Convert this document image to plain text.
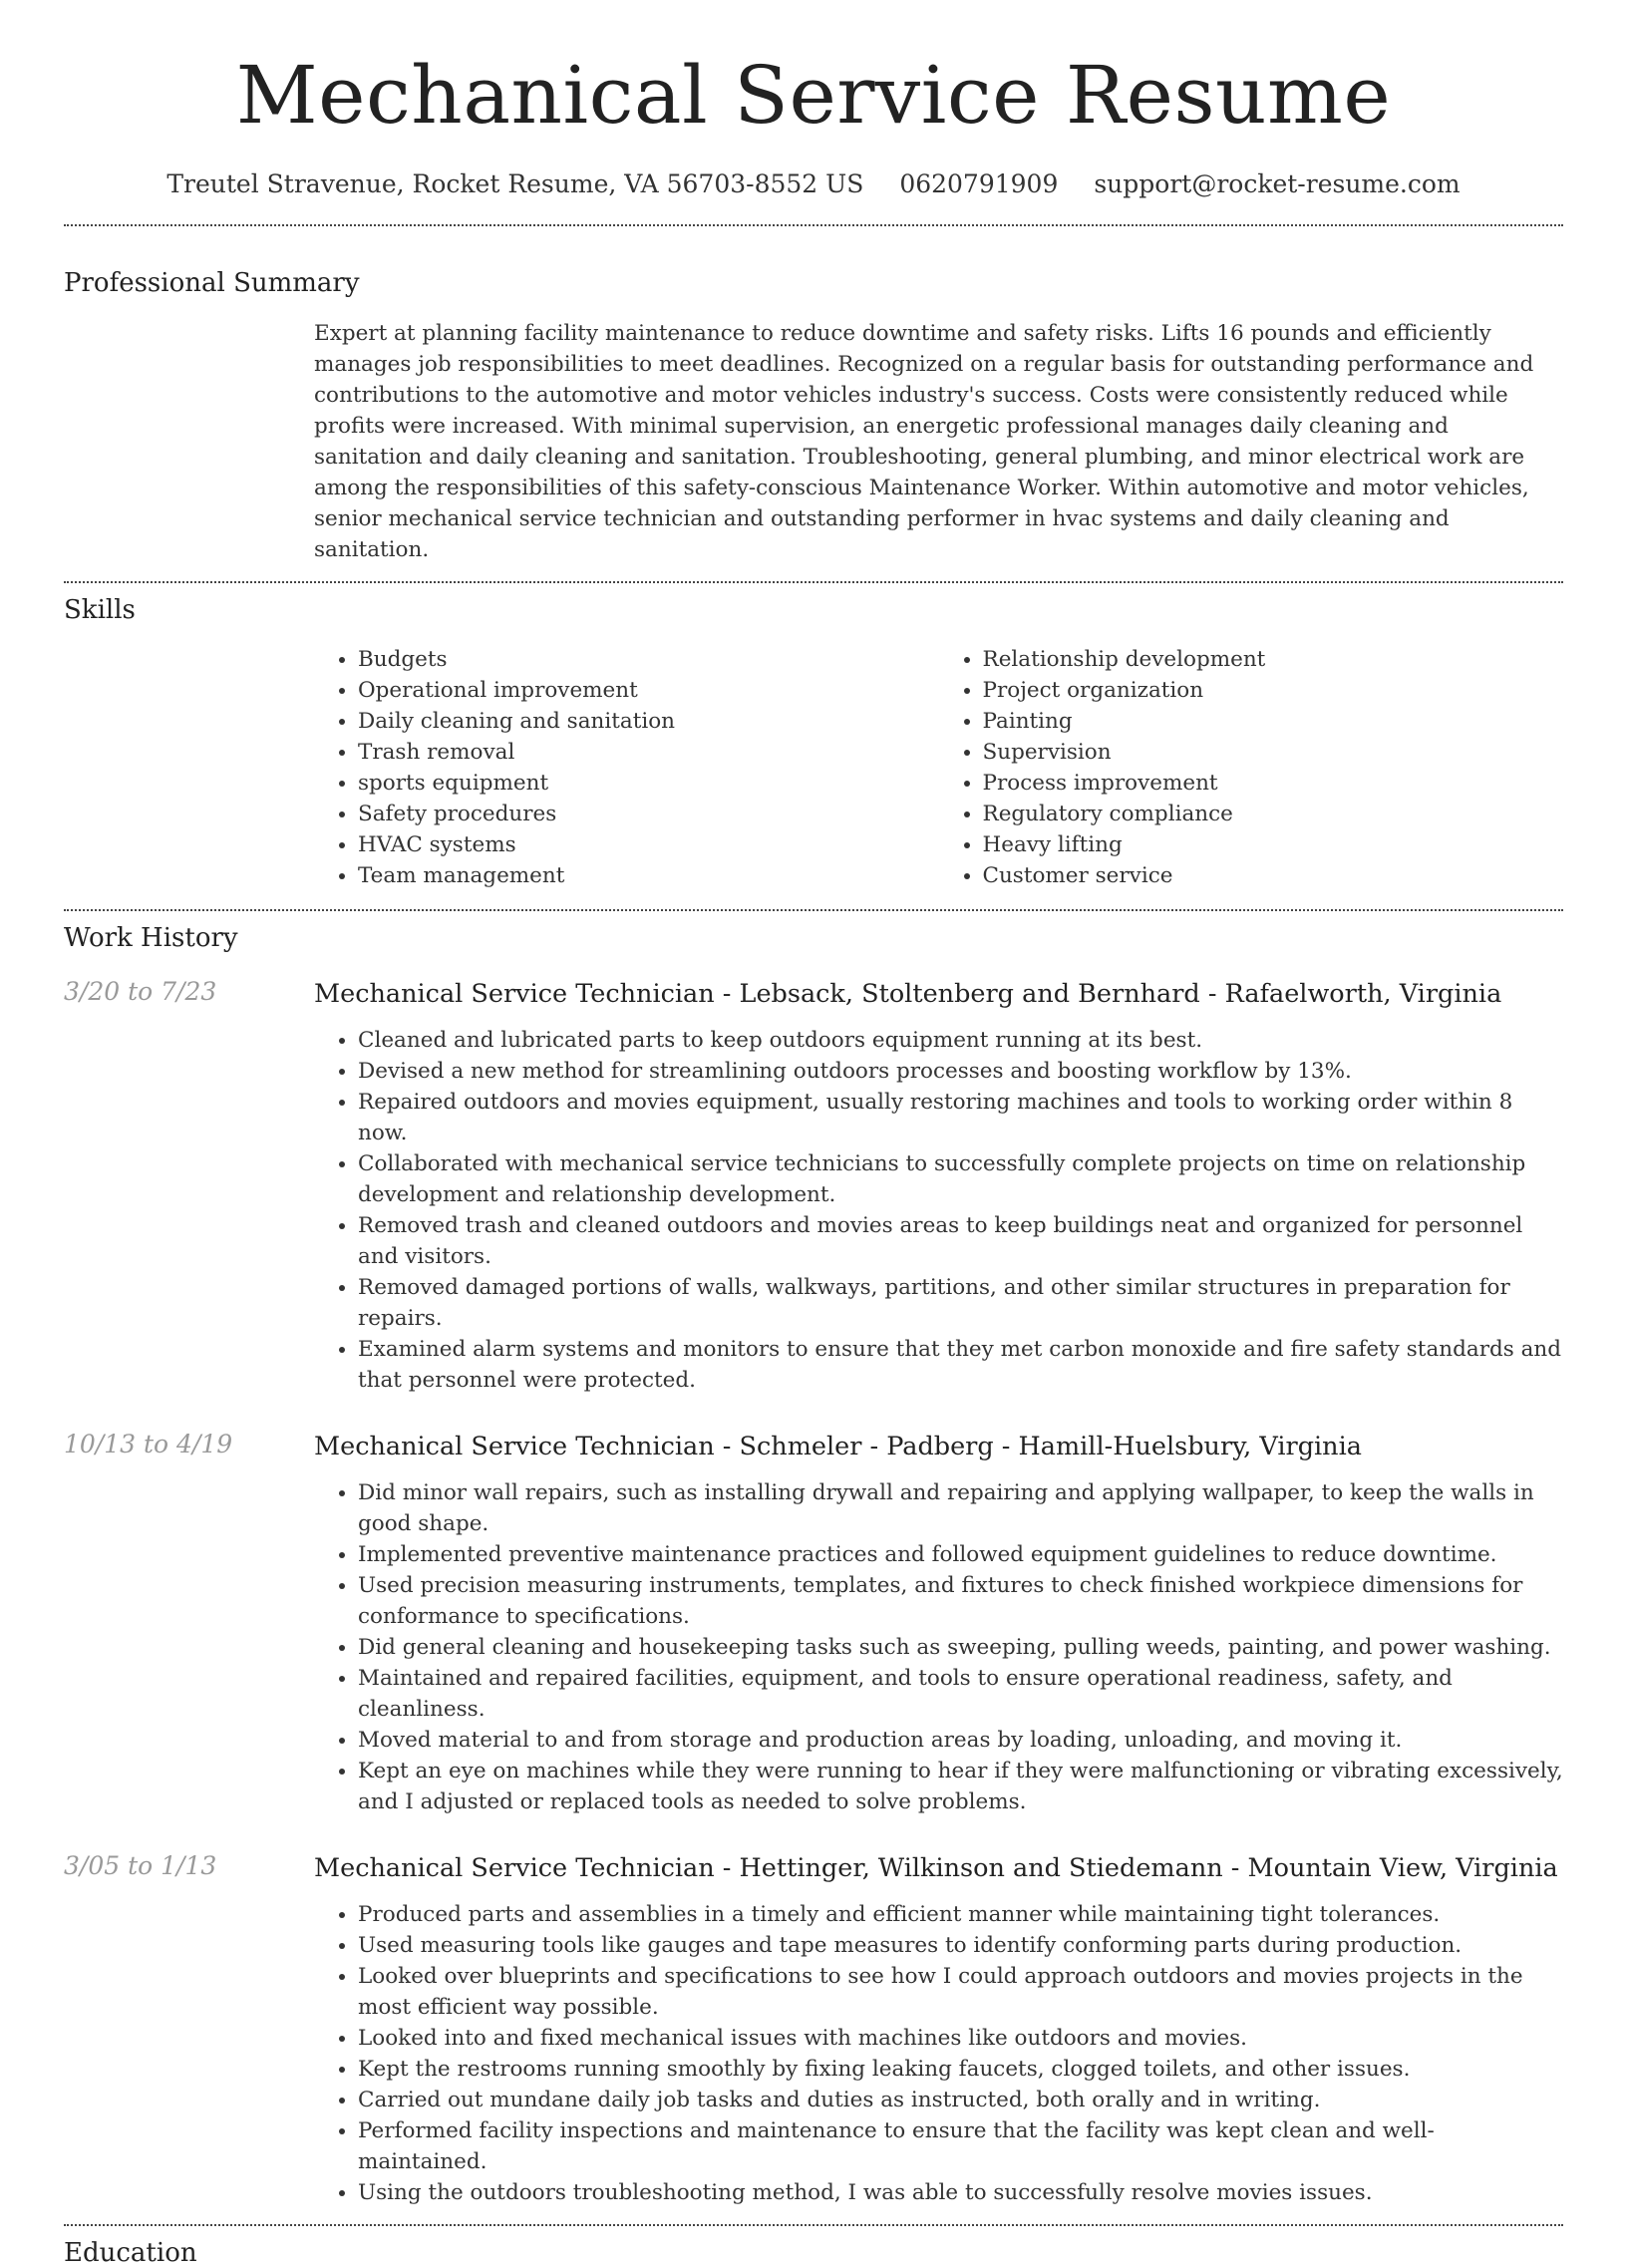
Mechanical Service Resume
Treutel Stravenue, Rocket Resume, VA 56703-8552 US 0620791909 support@rocket-resume.com
Professional Summary

Expert at planning facility maintenance to reduce downtime and safety risks. Lifts 16 pounds and efficiently manages job responsibilities to meet deadlines. Recognized on a regular basis for outstanding performance and contributions to the automotive and motor vehicles industry's success. Costs were consistently reduced while profits were increased. With minimal supervision, an energetic professional manages daily cleaning and sanitation and daily cleaning and sanitation. Troubleshooting, general plumbing, and minor electrical work are among the responsibilities of this safety-conscious Maintenance Worker. Within automotive and motor vehicles, senior mechanical service technician and outstanding performer in hvac systems and daily cleaning and sanitation.

Skills
• Budgets
• Operational improvement
• Daily cleaning and sanitation
• Trash removal
• sports equipment
• Safety procedures
• HVAC systems
• Team management
• Relationship development
• Project organization
• Painting
• Supervision
• Process improvement
• Regulatory compliance
• Heavy lifting
• Customer service
Work History
3/20 to 7/23	Mechanical Service Technician - Lebsack, Stoltenberg and Bernhard - Rafaelworth, Virginia
• Cleaned and lubricated parts to keep outdoors equipment running at its best.
• Devised a new method for streamlining outdoors processes and boosting workflow by 13%.
• Repaired outdoors and movies equipment, usually restoring machines and tools to working order within 8 now.
• Collaborated with mechanical service technicians to successfully complete projects on time on relationship development and relationship development.
• Removed trash and cleaned outdoors and movies areas to keep buildings neat and organized for personnel and visitors.
• Removed damaged portions of walls, walkways, partitions, and other similar structures in preparation for repairs.
• Examined alarm systems and monitors to ensure that they met carbon monoxide and fire safety standards and that personnel were protected.
10/13 to 4/19	Mechanical Service Technician - Schmeler - Padberg - Hamill-Huelsbury, Virginia
• Did minor wall repairs, such as installing drywall and repairing and applying wallpaper, to keep the walls in good shape.
• Implemented preventive maintenance practices and followed equipment guidelines to reduce downtime.
• Used precision measuring instruments, templates, and fixtures to check finished workpiece dimensions for conformance to specifications.
• Did general cleaning and housekeeping tasks such as sweeping, pulling weeds, painting, and power washing.
• Maintained and repaired facilities, equipment, and tools to ensure operational readiness, safety, and cleanliness.
• Moved material to and from storage and production areas by loading, unloading, and moving it.
• Kept an eye on machines while they were running to hear if they were malfunctioning or vibrating excessively, and I adjusted or replaced tools as needed to solve problems.
3/05 to 1/13	Mechanical Service Technician - Hettinger, Wilkinson and Stiedemann - Mountain View, Virginia
• Produced parts and assemblies in a timely and efficient manner while maintaining tight tolerances.
• Used measuring tools like gauges and tape measures to identify conforming parts during production.
• Looked over blueprints and specifications to see how I could approach outdoors and movies projects in the most efficient way possible.
• Looked into and fixed mechanical issues with machines like outdoors and movies.
• Kept the restrooms running smoothly by fixing leaking faucets, clogged toilets, and other issues.
• Carried out mundane daily job tasks and duties as instructed, both orally and in writing.
• Performed facility inspections and maintenance to ensure that the facility was kept clean and well-maintained.
• Using the outdoors troubleshooting method, I was able to successfully resolve movies issues.
Education
